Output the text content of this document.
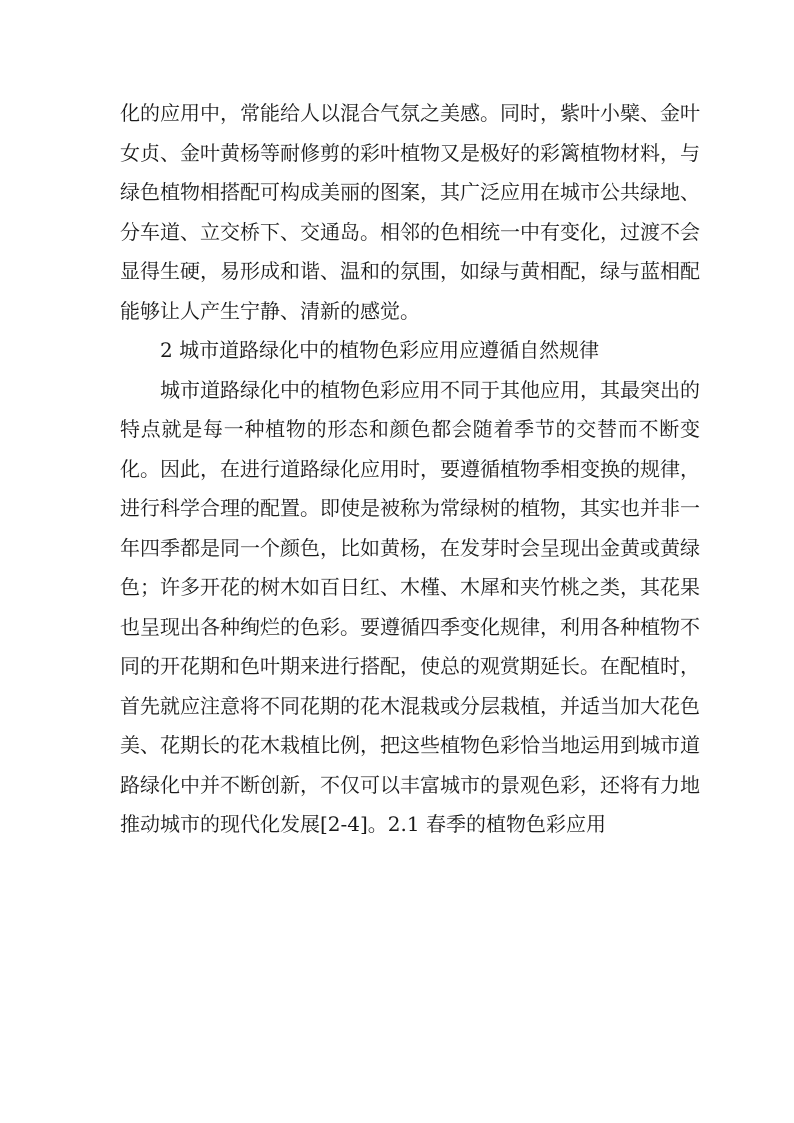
化的应用中，常能给人以混合气氛之美感。同时，紫叶小檗、金叶女贞、金叶黄杨等耐修剪的彩叶植物又是极好的彩篱植物材料，与绿色植物相搭配可构成美丽的图案，其广泛应用在城市公共绿地、分车道、立交桥下、交通岛。相邻的色相统一中有变化，过渡不会显得生硬，易形成和谐、温和的氛围，如绿与黄相配，绿与蓝相配能够让人产生宁静、清新的感觉。

2 城市道路绿化中的植物色彩应用应遵循自然规律

城市道路绿化中的植物色彩应用不同于其他应用，其最突出的特点就是每一种植物的形态和颜色都会随着季节的交替而不断变化。因此，在进行道路绿化应用时，要遵循植物季相变换的规律，进行科学合理的配置。即使是被称为常绿树的植物，其实也并非一年四季都是同一个颜色，比如黄杨，在发芽时会呈现出金黄或黄绿色；许多开花的树木如百日红、木槿、木犀和夹竹桃之类，其花果也呈现出各种绚烂的色彩。要遵循四季变化规律，利用各种植物不同的开花期和色叶期来进行搭配，使总的观赏期延长。在配植时，首先就应注意将不同花期的花木混栽或分层栽植，并适当加大花色美、花期长的花木栽植比例，把这些植物色彩恰当地运用到城市道路绿化中并不断创新，不仅可以丰富城市的景观色彩，还将有力地推动城市的现代化发展[2-4]。2.1 春季的植物色彩应用
